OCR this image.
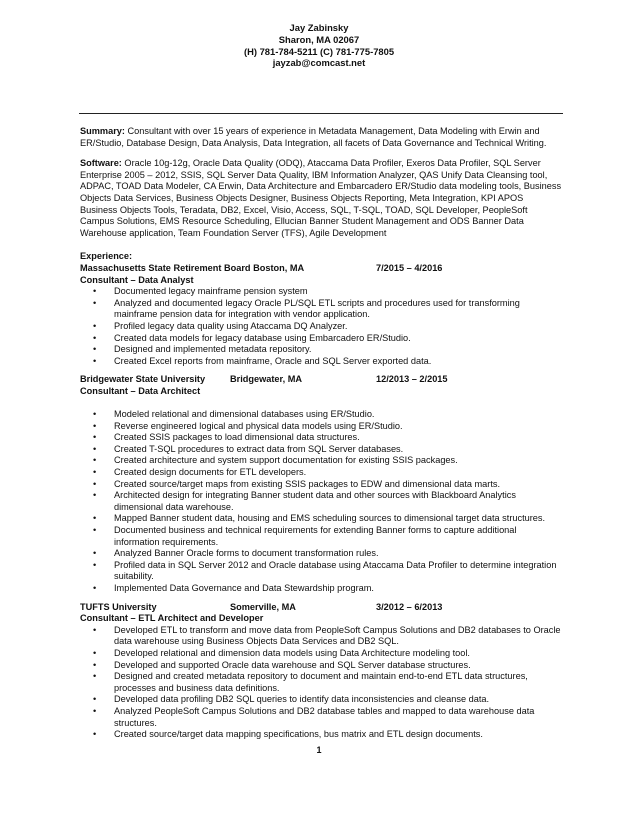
Jay Zabinsky
Sharon, MA 02067
(H) 781-784-5211 (C) 781-775-7805
jayzab@comcast.net

Summary: Consultant with over 15 years of experience in Metadata Management, Data Modeling with Erwin and ER/Studio, Database Design, Data Analysis, Data Integration, all facets of Data Governance and Technical Writing.

Software: Oracle 10g-12g, Oracle Data Quality (ODQ), Ataccama Data Profiler, Exeros Data Profiler, SQL Server Enterprise 2005 – 2012, SSIS, SQL Server Data Quality, IBM Information Analyzer, QAS Unify Data Cleansing tool, ADPAC, TOAD Data Modeler, CA Erwin, Data Architecture and Embarcadero ER/Studio data modeling tools, Business Objects Data Services, Business Objects Designer, Business Objects Reporting, Meta Integration, KPI APOS Business Objects Tools, Teradata, DB2, Excel, Visio, Access, SQL, T-SQL, TOAD, SQL Developer, PeopleSoft Campus Solutions, EMS Resource Scheduling, Ellucian Banner Student Management and ODS Banner Data Warehouse application, Team Foundation Server (TFS), Agile Development

Experience:
Massachusetts State Retirement Board Boston, MA	7/2015 – 4/2016
Consultant – Data Analyst
• Documented legacy mainframe pension system
• Analyzed and documented legacy Oracle PL/SQL ETL scripts and procedures used for transforming mainframe pension data for integration with vendor application.
• Profiled legacy data quality using Ataccama DQ Analyzer.
• Created data models for legacy database using Embarcadero ER/Studio.
• Designed and implemented metadata repository.
• Created Excel reports from mainframe, Oracle and SQL Server exported data.
Bridgewater State University	Bridgewater, MA	12/2013 – 2/2015
Consultant – Data Architect
• Modeled relational and dimensional databases using ER/Studio.
• Reverse engineered logical and physical data models using ER/Studio.
• Created SSIS packages to load dimensional data structures.
• Created T-SQL procedures to extract data from SQL Server databases.
• Created architecture and system support documentation for existing SSIS packages.
• Created design documents for ETL developers.
• Created source/target maps from existing SSIS packages to EDW and dimensional data marts.
• Architected design for integrating Banner student data and other sources with Blackboard Analytics dimensional data warehouse.
• Mapped Banner student data, housing and EMS scheduling sources to dimensional target data structures.
• Documented business and technical requirements for extending Banner forms to capture additional information requirements.
• Analyzed Banner Oracle forms to document transformation rules.
• Profiled data in SQL Server 2012 and Oracle database using Ataccama Data Profiler to determine integration suitability.
• Implemented Data Governance and Data Stewardship program.
TUFTS University	Somerville, MA	3/2012 – 6/2013
Consultant – ETL Architect and Developer
• Developed ETL to transform and move data from PeopleSoft Campus Solutions and DB2 databases to Oracle data warehouse using Business Objects Data Services and DB2 SQL.
• Developed relational and dimension data models using Data Architecture modeling tool.
• Developed and supported Oracle data warehouse and SQL Server database structures.
• Designed and created metadata repository to document and maintain end-to-end ETL data structures, processes and business data definitions.
• Developed data profiling DB2 SQL queries to identify data inconsistencies and cleanse data.
• Analyzed PeopleSoft Campus Solutions and DB2 database tables and mapped to data warehouse data structures.
• Created source/target data mapping specifications, bus matrix and ETL design documents.
1
